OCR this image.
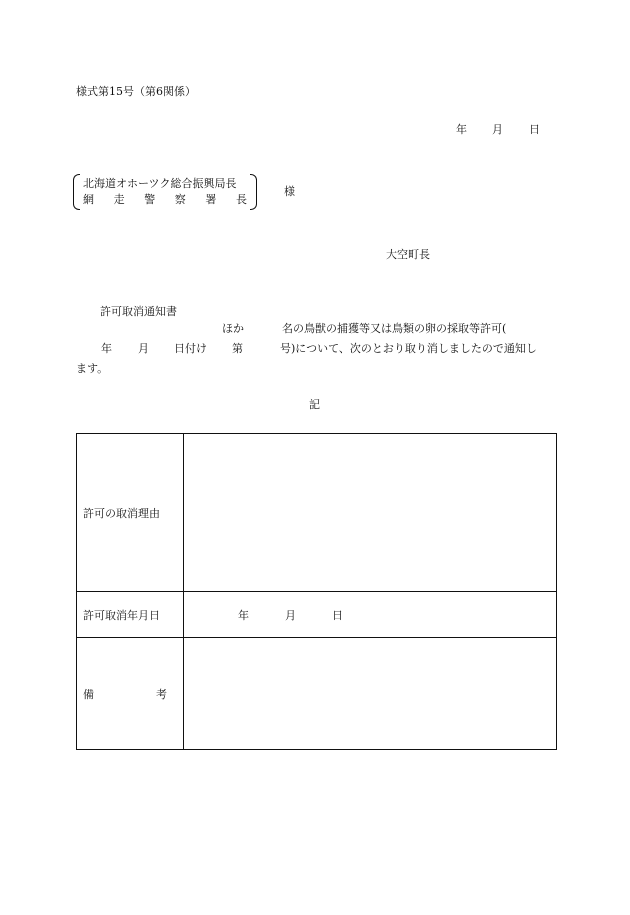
様式第15号（第6関係）
年 月 日
北海道オホーツク総合振興局長
網 走 警 察 署 長
様
大空町長
許可取消通知書
ほか	名の鳥獣の捕獲等又は鳥類の卵の採取等許可(
年 月 日付け 第	号)について、次のとおり取り消しましたので通知し
ます。
記
許可の取消理由	
許可取消年月日	年 月 日

備 考	
